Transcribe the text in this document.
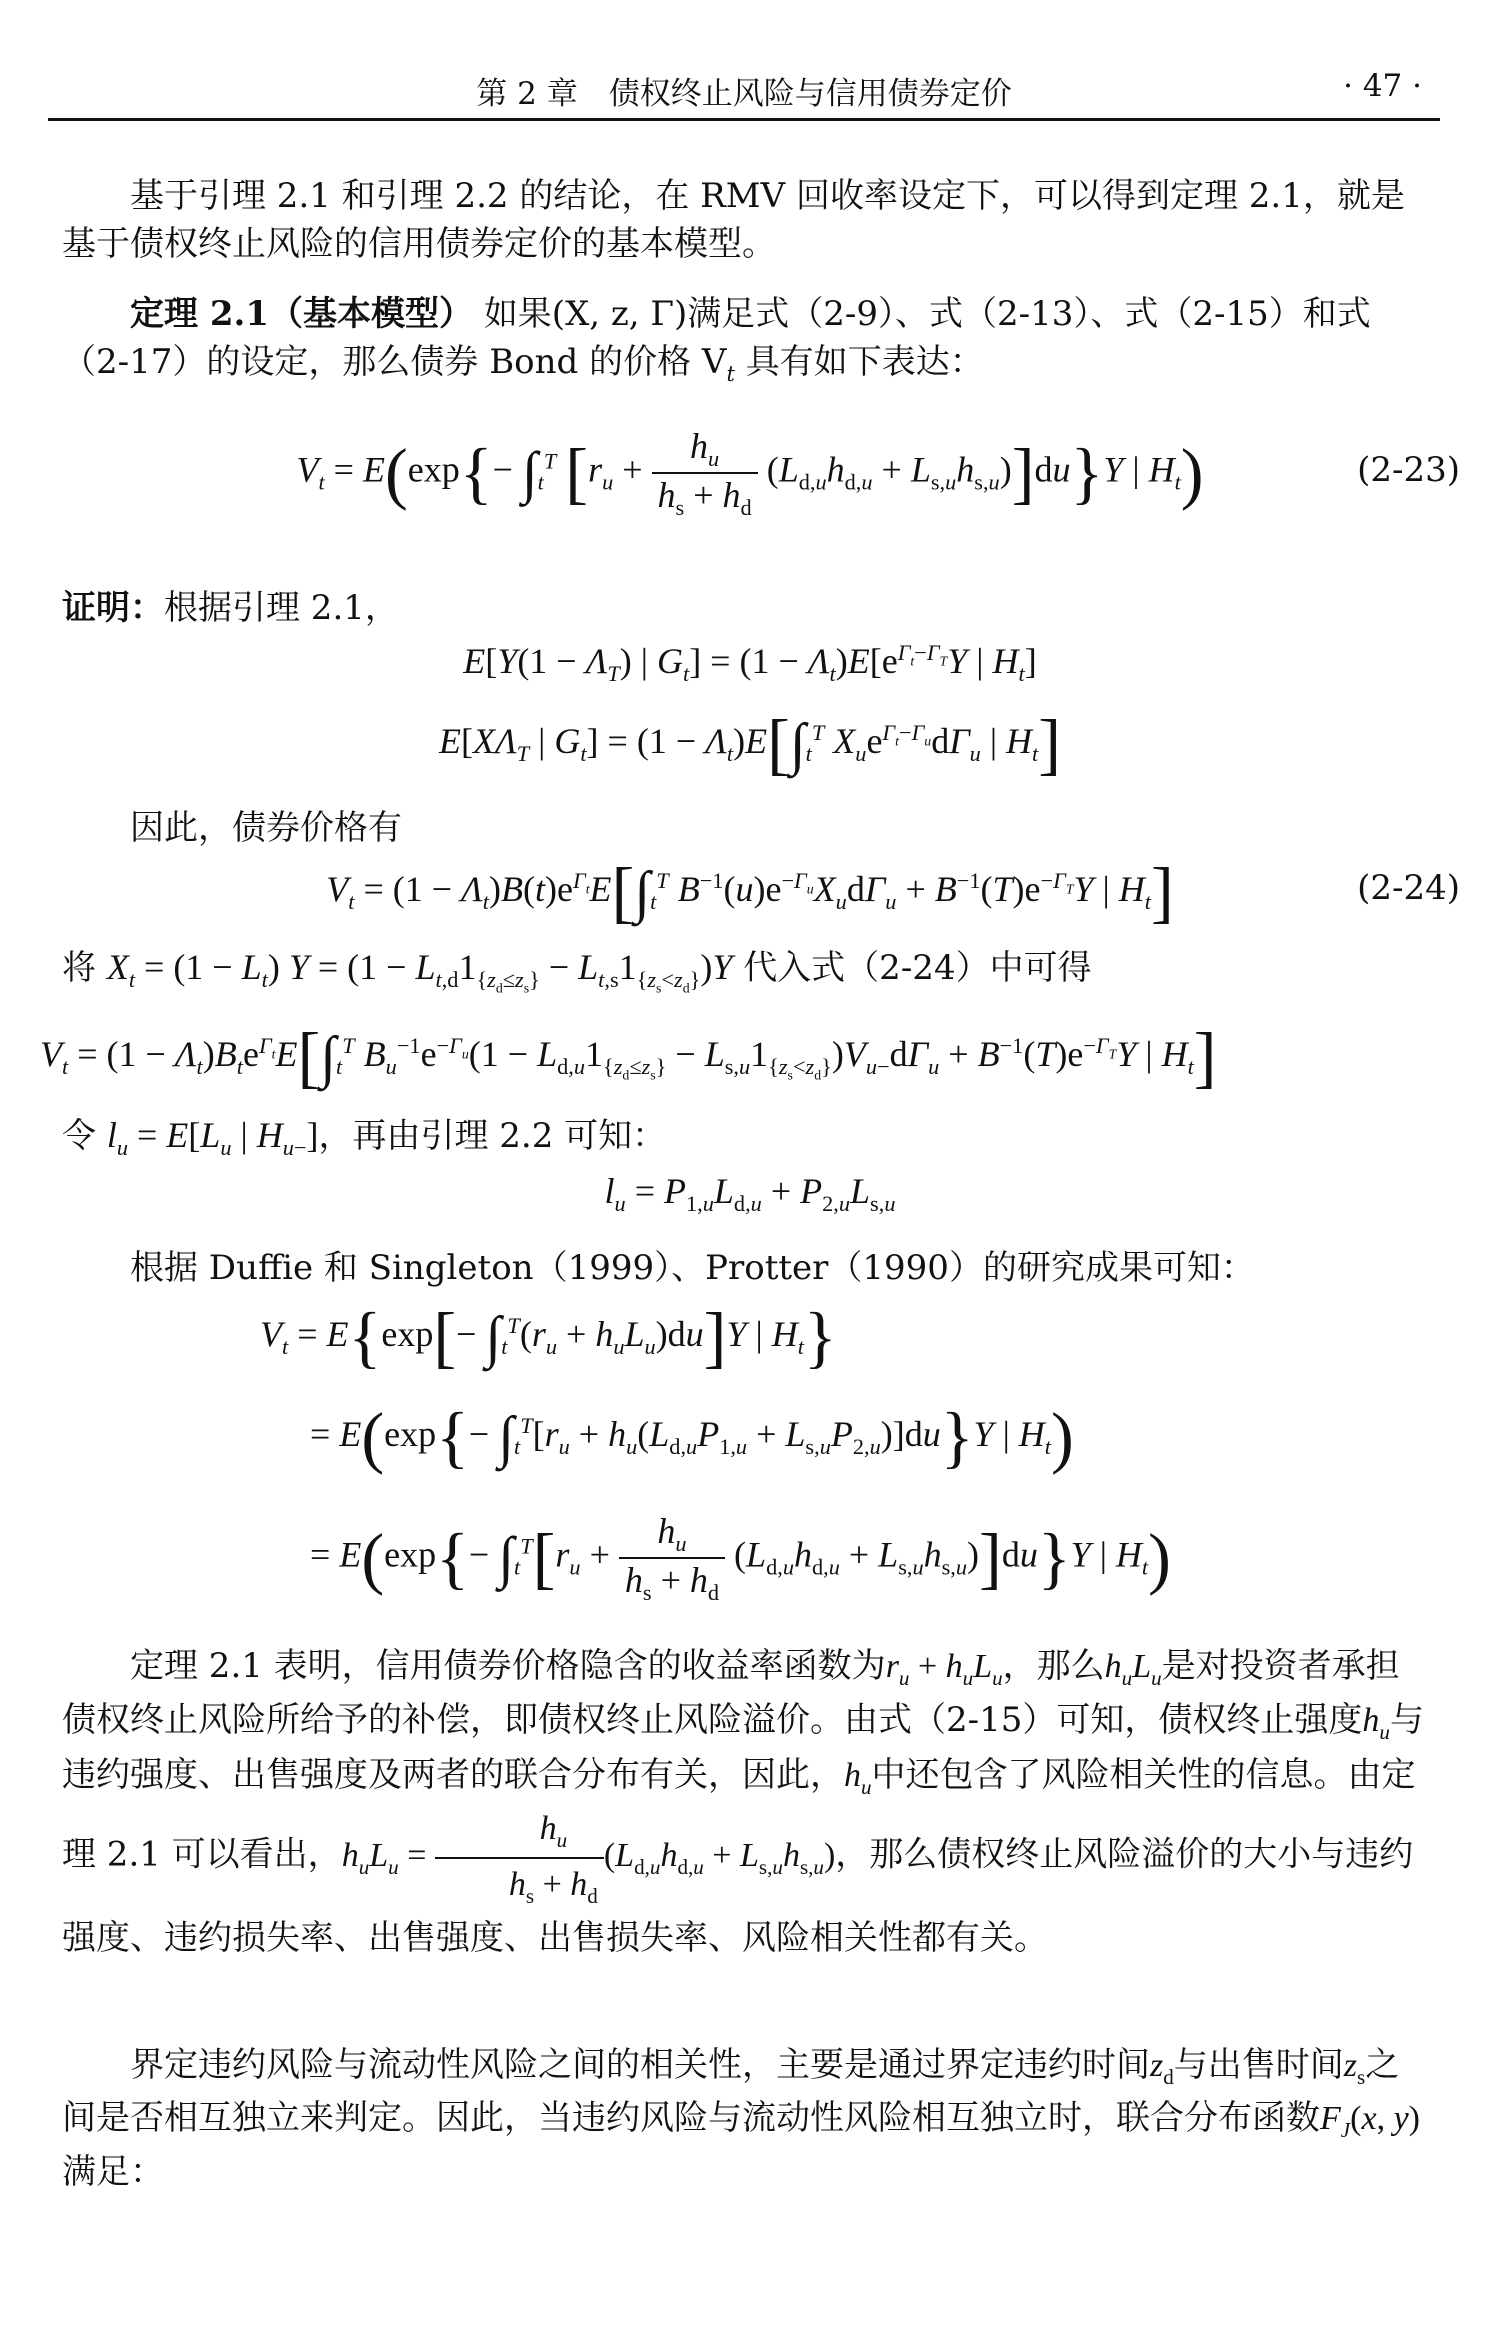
第 2 章　债权终止风险与信用债券定价	· 47 ·

基于引理 2.1 和引理 2.2 的结论，在 RMV 回收率设定下，可以得到定理 2.1，就是基于债权终止风险的信用债券定价的基本模型。

定理 2.1（基本模型） 如果(X, z, Γ)满足式（2-9）、式（2-13）、式（2-15）和式（2-17）的设定，那么债券 Bond 的价格 $V_t$ 具有如下表达：

$V_t = E(\exp\{- \int_t^T$ $[r_u + \frac{h_u}{h_s + h_d} (L_{d,u}h_{d,u} + L_{s,u}h_{s,u})]du\}Y$ | $H_t$)	(2-23)
证明：根据引理 2.1，
$E[Y(1 - \Lambda_T)$ | $G_t] = (1 - \Lambda_t)E[e^{\Gamma_t-\Gamma_T}Y$ | $H_t$]
$E[X\Lambda_T$ | $G_t] = (1 - \Lambda_t)E[\int_t^T$ $X_ue^{\Gamma_t-\Gamma_u}d\Gamma_u$ | $H_t$]
因此，债券价格有
$V_t = (1 - \Lambda_t)B(t)e^{\Gamma_t}E[\int_t^T$ $B^{-1}(u)e^{-\Gamma_u}X_ud\Gamma_u + B^{-1}(T)e^{-\Gamma_T}Y$ | $H_t$]	(2-24)
将 $X_t = (1 - L_t) Y = (1 - L_{t,d}1_{\{z_d\le z_s\}} - L_{t,s}1_{\{z_s<z_d\}})Y$ 代入式（2-24）中可得
$V_t = (1 - \Lambda_t)B_te^{\Gamma_t}E[\int_t^T$ $B_u^{-1}e^{-\Gamma_u}(1 - L_{d,u}1_{\{z_d\le z_s\}} - L_{s,u}1_{\{z_s<z_d\}})V_{u-}d\Gamma_u + B^{-1}(T)e^{-\Gamma_T}Y$ | $H_t$]
令 $l_u = E[L_u$ | $H_{u-}$]，再由引理 2.2 可知：
$l_u = P_{1,u}L_{d,u} + P_{2,u}L_{s,u}$
根据 Duffie 和 Singleton（1999）、Protter（1990）的研究成果可知：
$V_t = E\{\exp[- \int_t^T(r_u + h_uL_u)du]Y$ | $H_t$}
= $E(\exp\{- \int_t^T[r_u + h_u(L_{d,u}P_{1,u} + L_{s,u}P_{2,u})]du\}Y$ | $H_t$)
= $E(\exp\{- \int_t^T[r_u + \frac{h_u}{h_s + h_d} (L_{d,u}h_{d,u} + L_{s,u}h_{s,u})]du\}Y$ | $H_t$)

定理 2.1 表明，信用债券价格隐含的收益率函数为$r_u + h_uL_u$，那么$h_uL_u$是对投资者承担债权终止风险所给予的补偿，即债权终止风险溢价。由式（2-15）可知，债权终止强度$h_u$与违约强度、出售强度及两者的联合分布有关，因此，$h_u$中还包含了风险相关性的信息。由定理 2.1 可以看出，$h_uL_u = \frac{h_u}{h_s + h_d} (L_{d,u}h_{d,u} + L_{s,u}h_{s,u})$，那么债权终止风险溢价的大小与违约强度、违约损失率、出售强度、出售损失率、风险相关性都有关。

界定违约风险与流动性风险之间的相关性，主要是通过界定违约时间$z_d$与出售时间$z_s$之间是否相互独立来判定。因此，当违约风险与流动性风险相互独立时，联合分布函数$F_J(x$, y)满足：
